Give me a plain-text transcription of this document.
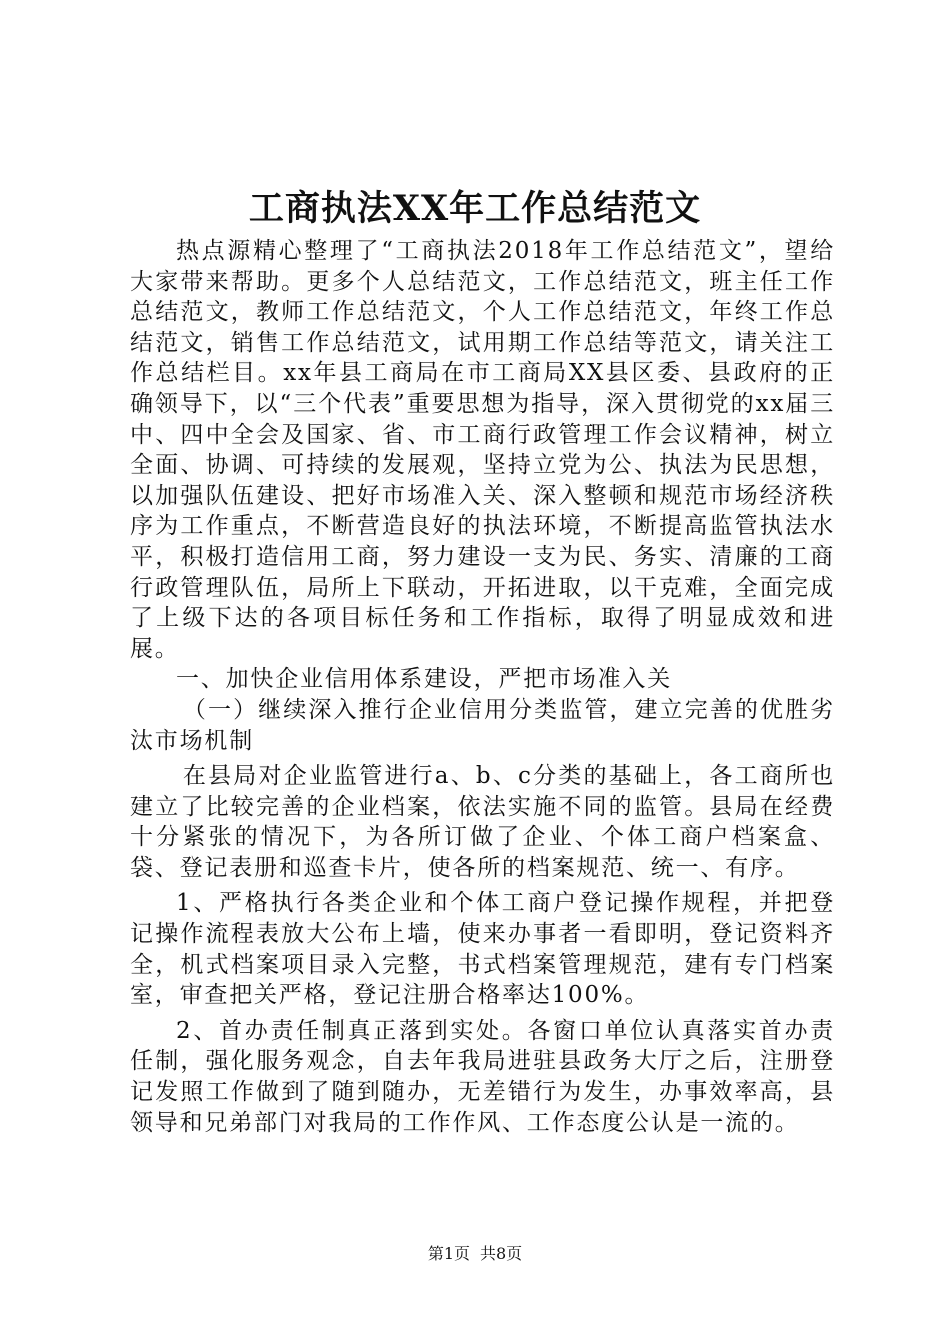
工商执法XX年工作总结范文

热点源精心整理了“工商执法2018年工作总结范文”，望给大家带来帮助。更多个人总结范文，工作总结范文，班主任工作总结范文，教师工作总结范文，个人工作总结范文，年终工作总结范文，销售工作总结范文，试用期工作总结等范文，请关注工作总结栏目。xx年县工商局在市工商局XX县区委、县政府的正确领导下，以“三个代表”重要思想为指导，深入贯彻党的xx届三中、四中全会及国家、省、市工商行政管理工作会议精神，树立全面、协调、可持续的发展观，坚持立党为公、执法为民思想，以加强队伍建设、把好市场准入关、深入整顿和规范市场经济秩序为工作重点，不断营造良好的执法环境，不断提高监管执法水平，积极打造信用工商，努力建设一支为民、务实、清廉的工商行政管理队伍，局所上下联动，开拓进取，以干克难，全面完成了上级下达的各项目标任务和工作指标，取得了明显成效和进展。

一、加快企业信用体系建设，严把市场准入关

（一）继续深入推行企业信用分类监管，建立完善的优胜劣汰市场机制

在县局对企业监管进行a、b、c分类的基础上，各工商所也建立了比较完善的企业档案，依法实施不同的监管。县局在经费十分紧张的情况下，为各所订做了企业、个体工商户档案盒、袋、登记表册和巡查卡片，使各所的档案规范、统一、有序。

1、严格执行各类企业和个体工商户登记操作规程，并把登记操作流程表放大公布上墙，使来办事者一看即明，登记资料齐全，机式档案项目录入完整，书式档案管理规范，建有专门档案室，审查把关严格，登记注册合格率达100%。

2、首办责任制真正落到实处。各窗口单位认真落实首办责任制，强化服务观念，自去年我局进驻县政务大厅之后，注册登记发照工作做到了随到随办，无差错行为发生，办事效率高，县领导和兄弟部门对我局的工作作风、工作态度公认是一流的。

第1页 共8页
